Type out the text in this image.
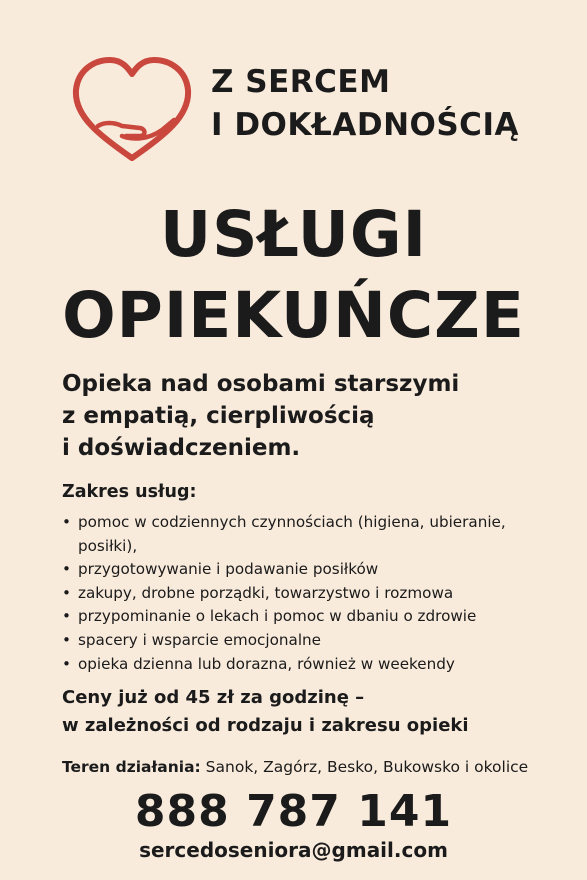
Z SERCEM
I DOKŁADNOŚCIĄ
USŁUGI
OPIEKUŃCZE
Opieka nad osobami starszymi
z empatią, cierpliwością
i doświadczeniem.
Zakres usług:
• pomoc w codziennych czynnościach (higiena, ubieranie,
posiłki),
• przygotowywanie i podawanie posiłków
• zakupy, drobne porządki, towarzystwo i rozmowa
• przypominanie o lekach i pomoc w dbaniu o zdrowie
• spacery i wsparcie emocjonalne
• opieka dzienna lub dorazna, również w weekendy
Ceny już od 45 zł za godzinę –
w zależności od rodzaju i zakresu opieki
Teren działania: Sanok, Zagórz, Besko, Bukowsko i okolice
888 787 141
sercedoseniora@gmail.com
